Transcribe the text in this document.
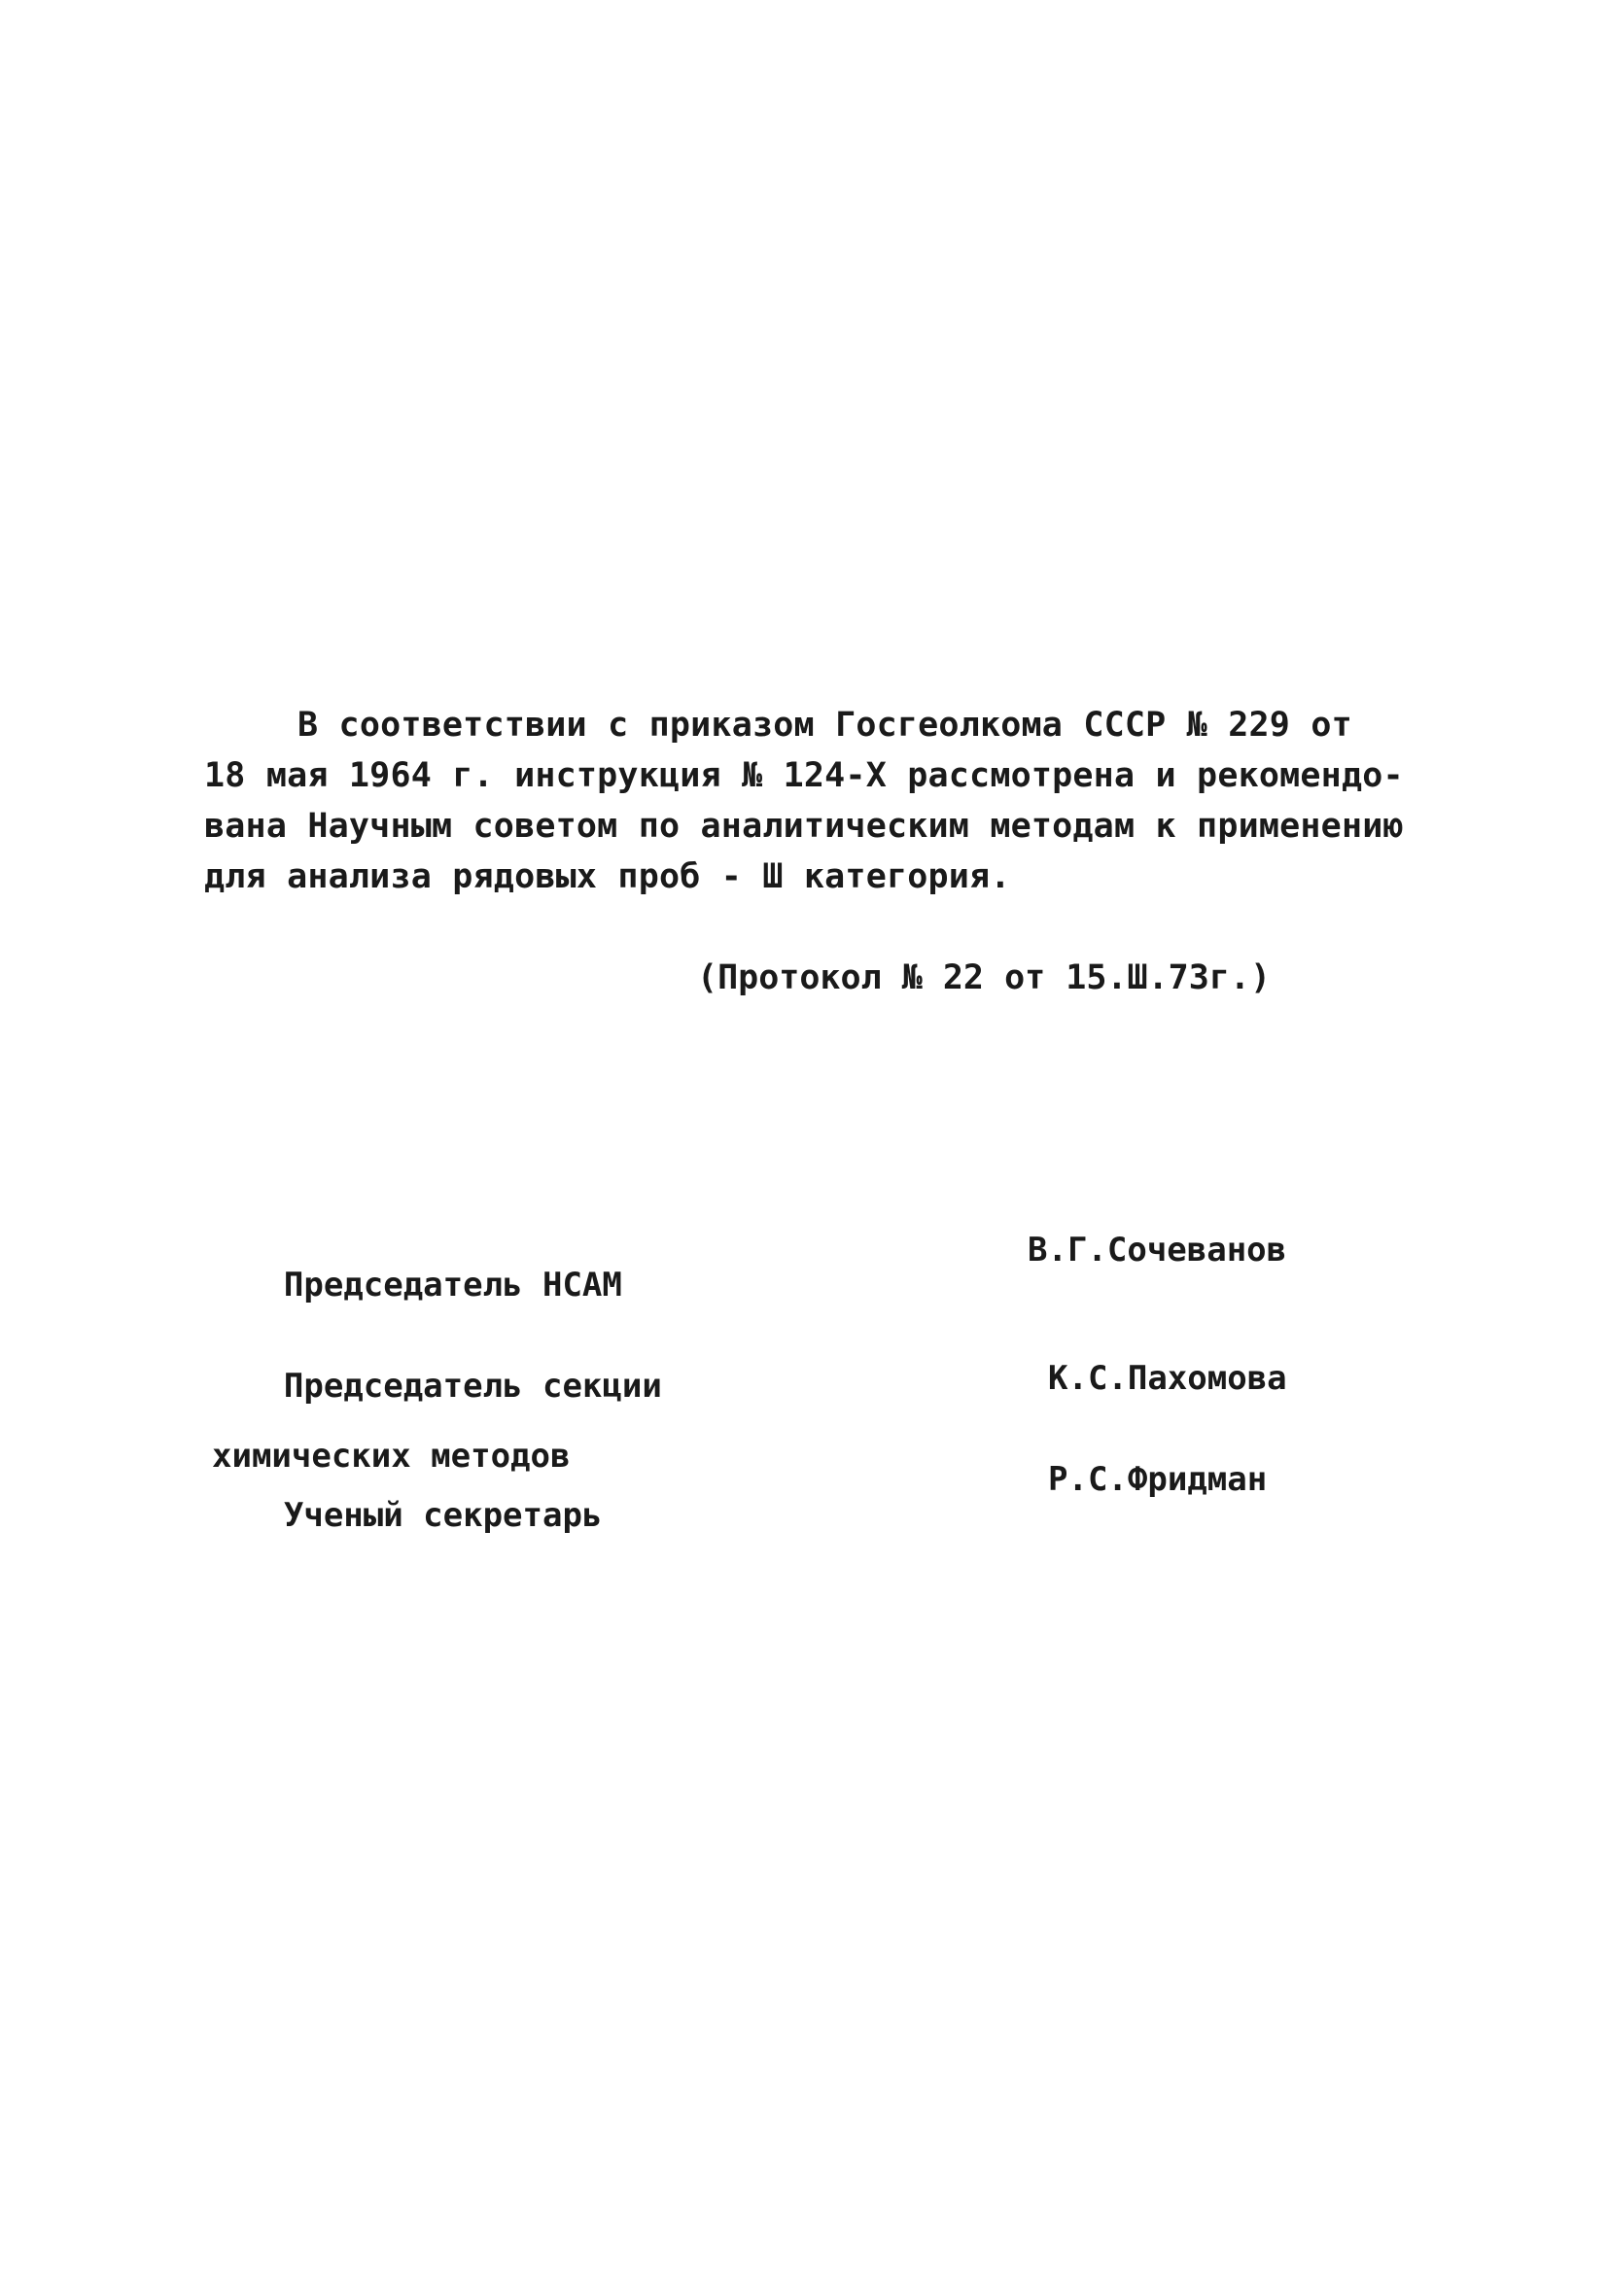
В соответствии с приказом Госгеолкома СССР № 229 от
18 мая 1964 г. инструкция № 124-Х рассмотрена и рекомендо-
вана Научным советом по аналитическим методам к применению
для анализа рядовых проб - Ш категория.
(Протокол № 22 от 15.Ш.73г.)

Председатель НСАМ

В.Г.Сочеванов

Председатель секции

химических методов

К.С.Пахомова

Ученый секретарь

Р.С.Фридман
